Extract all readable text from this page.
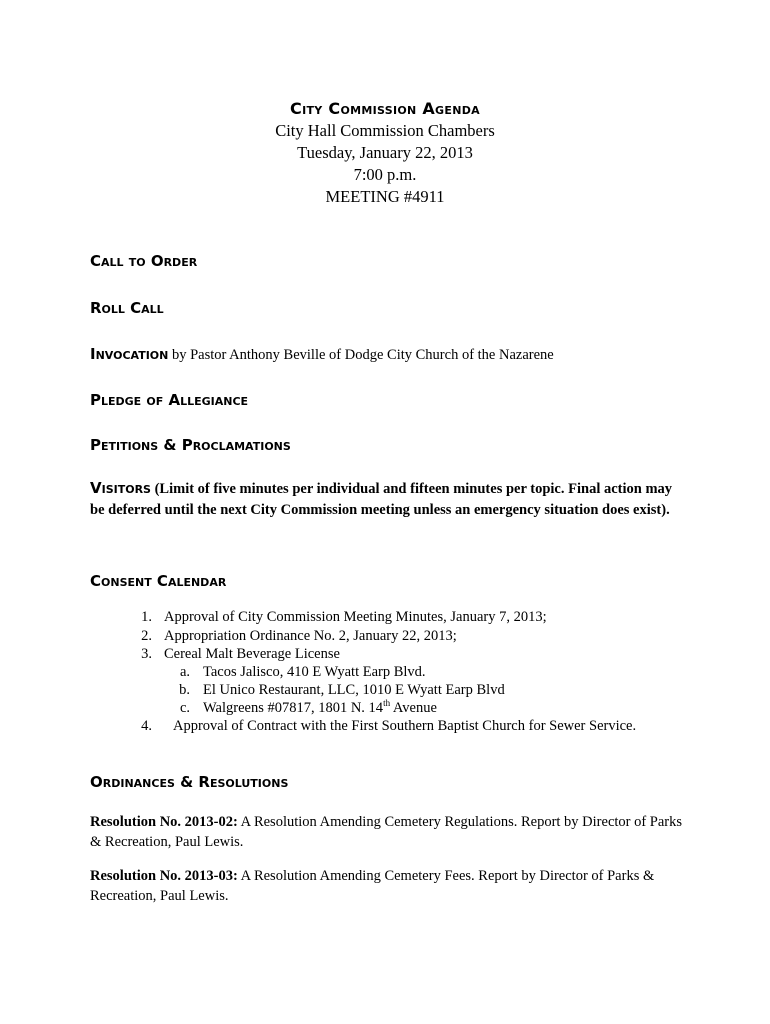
City Commission Agenda
City Hall Commission Chambers
Tuesday, January 22, 2013
7:00 p.m.
MEETING #4911
Call to Order
Roll Call
Invocation by Pastor Anthony Beville of Dodge City Church of the Nazarene
Pledge of Allegiance
Petitions & Proclamations
Visitors (Limit of five minutes per individual and fifteen minutes per topic. Final action may be deferred until the next City Commission meeting unless an emergency situation does exist).
Consent Calendar
1. Approval of City Commission Meeting Minutes, January 7, 2013;
2. Appropriation Ordinance No. 2, January 22, 2013;
3. Cereal Malt Beverage License
a. Tacos Jalisco, 410 E Wyatt Earp Blvd.
b. El Unico Restaurant, LLC, 1010 E Wyatt Earp Blvd
c. Walgreens #07817, 1801 N. 14th Avenue
4. Approval of Contract with the First Southern Baptist Church for Sewer Service.
Ordinances & Resolutions
Resolution No. 2013-02: A Resolution Amending Cemetery Regulations. Report by Director of Parks & Recreation, Paul Lewis.
Resolution No. 2013-03: A Resolution Amending Cemetery Fees. Report by Director of Parks & Recreation, Paul Lewis.
